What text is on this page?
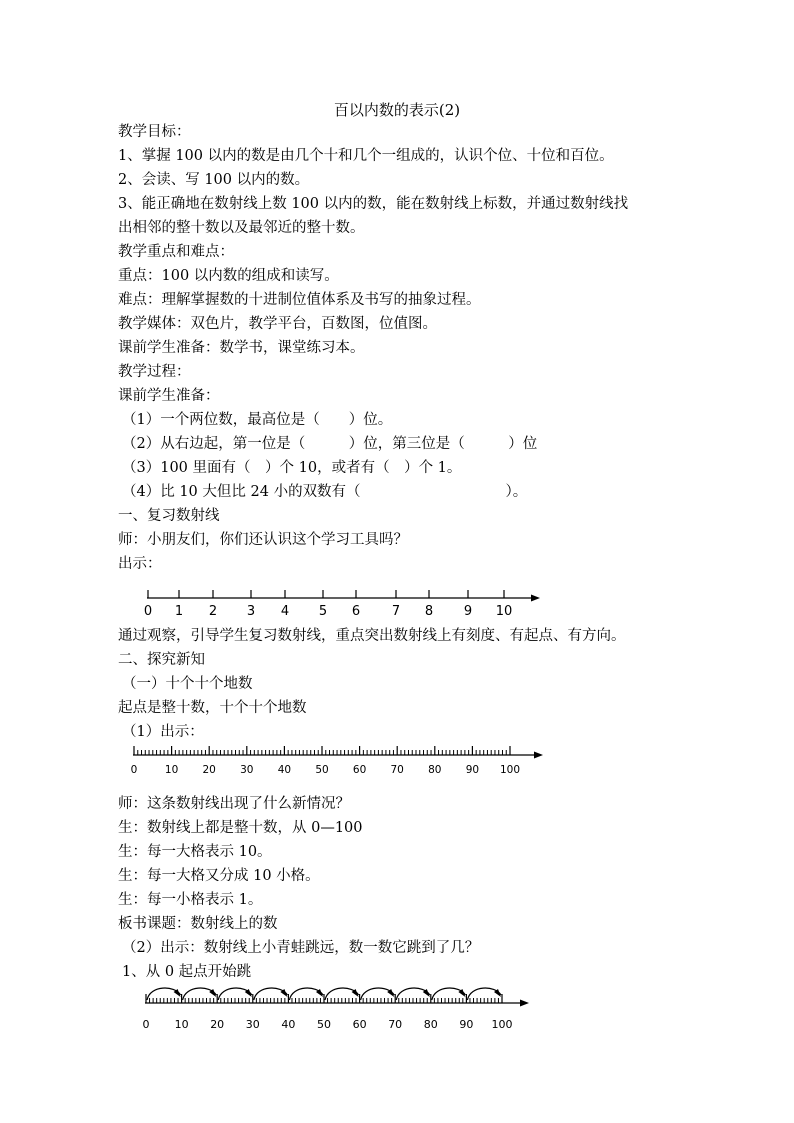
百以内数的表示(2)
教学目标：
1、掌握 100 以内的数是由几个十和几个一组成的，认识个位、十位和百位。
2、会读、写 100 以内的数。
3、能正确地在数射线上数 100 以内的数，能在数射线上标数，并通过数射线找
出相邻的整十数以及最邻近的整十数。
教学重点和难点：
重点：100 以内数的组成和读写。
难点：理解掌握数的十进制位值体系及书写的抽象过程。
教学媒体：双色片，教学平台，百数图，位值图。
课前学生准备：数学书，课堂练习本。
教学过程：
课前学生准备：
（1）一个两位数，最高位是（　　）位。
（2）从右边起，第一位是（　　　）位，第三位是（　　　）位
（3）100 里面有（　）个 10，或者有（　）个 1。
（4）比 10 大但比 24 小的双数有（　　　　　　　　　　）。
一、复习数射线
师：小朋友们，你们还认识这个学习工具吗？
出示：
通过观察，引导学生复习数射线，重点突出数射线上有刻度、有起点、有方向。
二、探究新知
（一）十个十个地数
起点是整十数，十个十个地数
（1）出示：
师：这条数射线出现了什么新情况？
生：数射线上都是整十数，从 0—100
生：每一大格表示 10。
生：每一大格又分成 10 小格。
生：每一小格表示 1。
板书课题：数射线上的数
（2）出示：数射线上小青蛙跳远，数一数它跳到了几？
1、从 0 起点开始跳
0 1 2 3 4 5 6 7 8 9 10
0	10 20 30 40 50 60 70 80 90 100
0 10 20 30 40 50 60 70 80 90 100
